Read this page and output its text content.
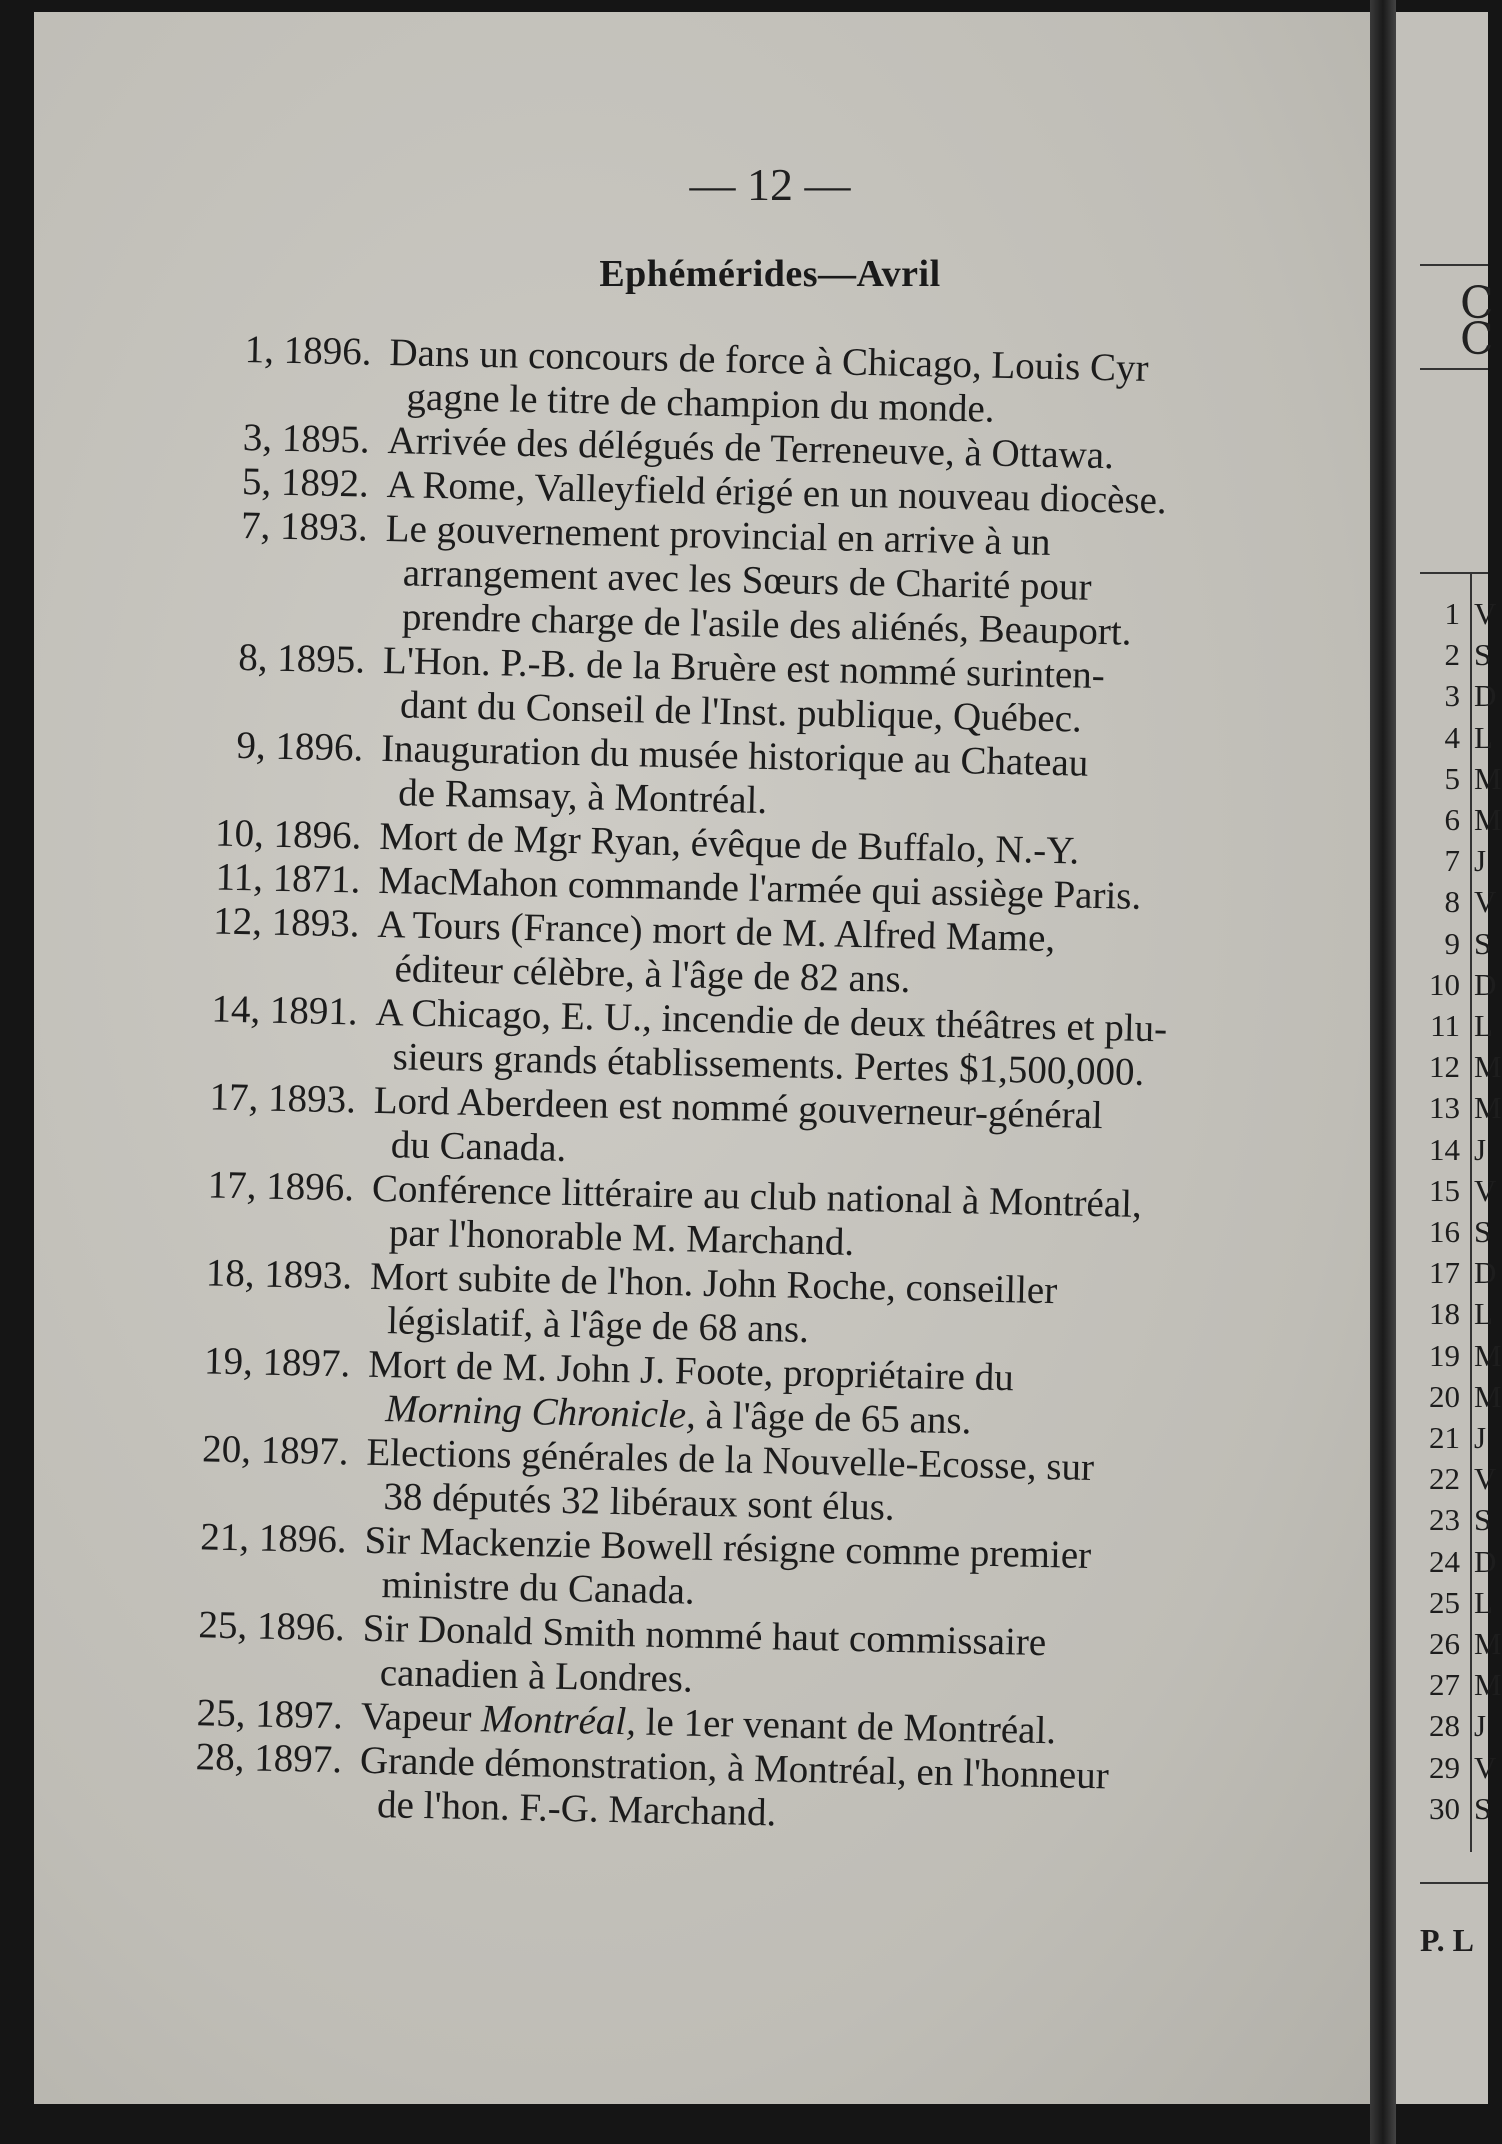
C
C
1 V
2 S
3 D
4 L
5 M
6 M
7 J
8 V
9 S
10 D
11 L
12 M
13 M
14 J
15 V
16 S
17 D
18 L
19 M
20 M
21 J
22 V
23 S
24 D
25 L
26 M
27 M
28 J
29 V
30 S
P. L
— 12 —
Ephémérides—Avril
1, 1896. Dans un concours de force à Chicago, Louis Cyr
gagne le titre de champion du monde.
3, 1895. Arrivée des délégués de Terreneuve, à Ottawa.
5, 1892. A Rome, Valleyfield érigé en un nouveau diocèse.
7, 1893. Le gouvernement provincial en arrive à un
arrangement avec les Sœurs de Charité pour
prendre charge de l'asile des aliénés, Beauport.
8, 1895. L'Hon. P.-B. de la Bruère est nommé surinten-
dant du Conseil de l'Inst. publique, Québec.
9, 1896. Inauguration du musée historique au Chateau
de Ramsay, à Montréal.
10, 1896. Mort de Mgr Ryan, évêque de Buffalo, N.-Y.
11, 1871. MacMahon commande l'armée qui assiège Paris.
12, 1893. A Tours (France) mort de M. Alfred Mame,
éditeur célèbre, à l'âge de 82 ans.
14, 1891. A Chicago, E. U., incendie de deux théâtres et plu-
sieurs grands établissements. Pertes $1,500,000.
17, 1893. Lord Aberdeen est nommé gouverneur-général
du Canada.
17, 1896. Conférence littéraire au club national à Montréal,
par l'honorable M. Marchand.
18, 1893. Mort subite de l'hon. John Roche, conseiller
législatif, à l'âge de 68 ans.
19, 1897. Mort de M. John J. Foote, propriétaire du
Morning Chronicle, à l'âge de 65 ans.
20, 1897. Elections générales de la Nouvelle-Ecosse, sur
38 députés 32 libéraux sont élus.
21, 1896. Sir Mackenzie Bowell résigne comme premier
ministre du Canada.
25, 1896. Sir Donald Smith nommé haut commissaire
canadien à Londres.
25, 1897. Vapeur Montréal, le 1er venant de Montréal.
28, 1897. Grande démonstration, à Montréal, en l'honneur
de l'hon. F.-G. Marchand.
